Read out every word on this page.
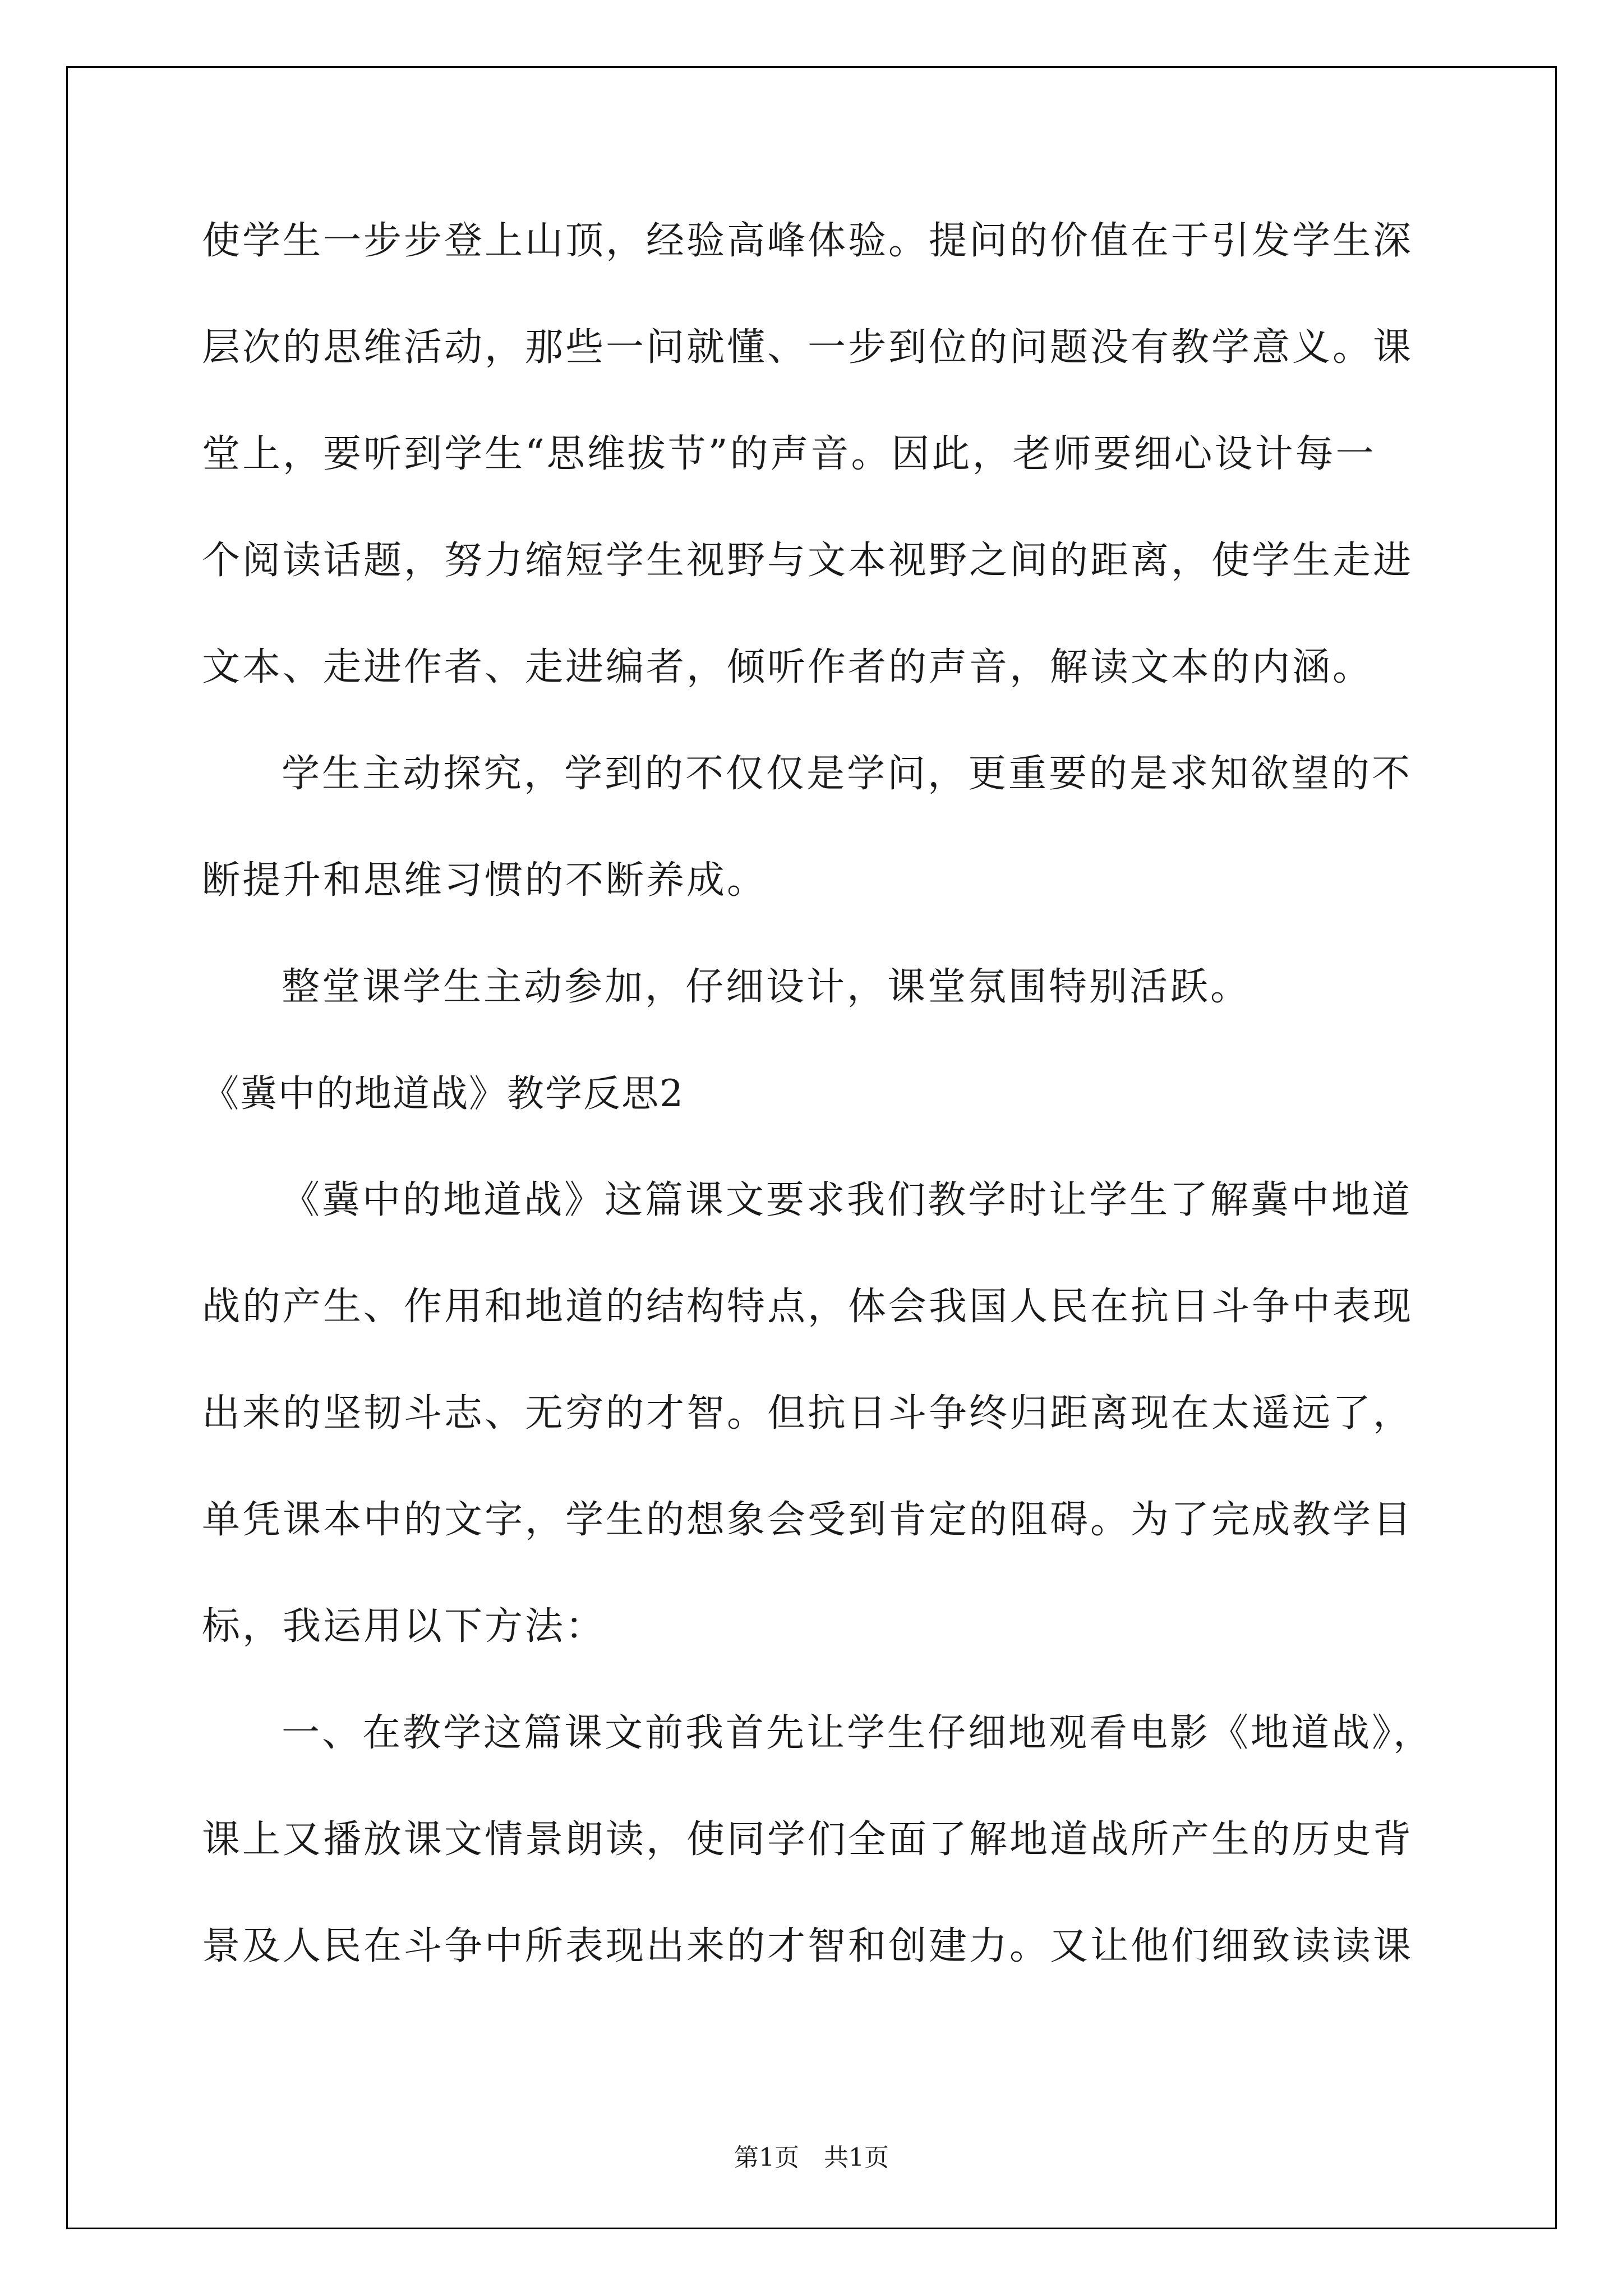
使学生一步步登上山顶，经验高峰体验。提问的价值在于引发学生深
层次的思维活动，那些一问就懂、一步到位的问题没有教学意义。课
堂上，要听到学生“思维拔节”的声音。因此，老师要细心设计每一
个阅读话题，努力缩短学生视野与文本视野之间的距离，使学生走进
文本、走进作者、走进编者，倾听作者的声音，解读文本的内涵。
学生主动探究，学到的不仅仅是学问，更重要的是求知欲望的不
断提升和思维习惯的不断养成。
整堂课学生主动参加，仔细设计，课堂氛围特别活跃。
《冀中的地道战》教学反思2
《冀中的地道战》这篇课文要求我们教学时让学生了解冀中地道
战的产生、作用和地道的结构特点，体会我国人民在抗日斗争中表现
出来的坚韧斗志、无穷的才智。但抗日斗争终归距离现在太遥远了，
单凭课本中的文字，学生的想象会受到肯定的阻碍。为了完成教学目
标，我运用以下方法：
一、在教学这篇课文前我首先让学生仔细地观看电影《地道战》，
课上又播放课文情景朗读，使同学们全面了解地道战所产生的历史背
景及人民在斗争中所表现出来的才智和创建力。又让他们细致读读课
第1页　共1页
